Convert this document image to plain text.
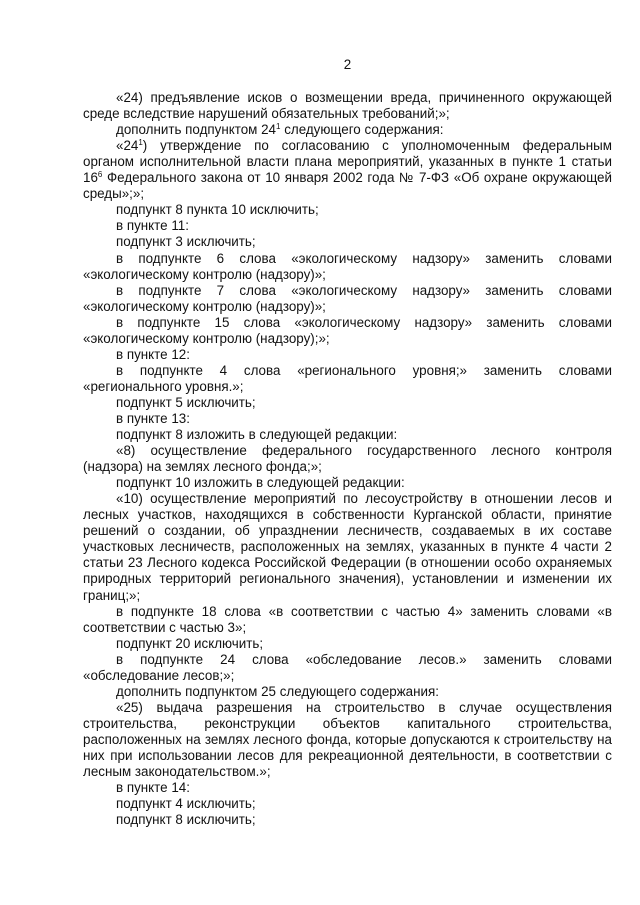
2

«24) предъявление исков о возмещении вреда, причиненного окружающей среде вследствие нарушений обязательных требований;»;

дополнить подпунктом $24^1$ следующего содержания:

«$24^1$) утверждение по согласованию с уполномоченным федеральным органом исполнительной власти плана мероприятий, указанных в пункте 1 статьи $16^6$ Федерального закона от 10 января 2002 года № 7-ФЗ «Об охране окружающей среды»;»;

подпункт 8 пункта 10 исключить;

в пункте 11:

подпункт 3 исключить;

в подпункте 6 слова «экологическому надзору» заменить словами «экологическому контролю (надзору)»;

в подпункте 7 слова «экологическому надзору» заменить словами «экологическому контролю (надзору)»;

в подпункте 15 слова «экологическому надзору» заменить словами «экологическому контролю (надзору);»;

в пункте 12:

в подпункте 4 слова «регионального уровня;» заменить словами «регионального уровня.»;

подпункт 5 исключить;

в пункте 13:

подпункт 8 изложить в следующей редакции:

«8) осуществление федерального государственного лесного контроля (надзора) на землях лесного фонда;»;

подпункт 10 изложить в следующей редакции:

«10) осуществление мероприятий по лесоустройству в отношении лесов и лесных участков, находящихся в собственности Курганской области, принятие решений о создании, об упразднении лесничеств, создаваемых в их составе участковых лесничеств, расположенных на землях, указанных в пункте 4 части 2 статьи 23 Лесного кодекса Российской Федерации (в отношении особо охраняемых природных территорий регионального значения), установлении и изменении их границ;»;

в подпункте 18 слова «в соответствии с частью 4» заменить словами «в соответствии с частью 3»;

подпункт 20 исключить;

в подпункте 24 слова «обследование лесов.» заменить словами «обследование лесов;»;

дополнить подпунктом 25 следующего содержания:

«25) выдача разрешения на строительство в случае осуществления строительства, реконструкции объектов капитального строительства, расположенных на землях лесного фонда, которые допускаются к строительству на них при использовании лесов для рекреационной деятельности, в соответствии с лесным законодательством.»;

в пункте 14:

подпункт 4 исключить;

подпункт 8 исключить;
